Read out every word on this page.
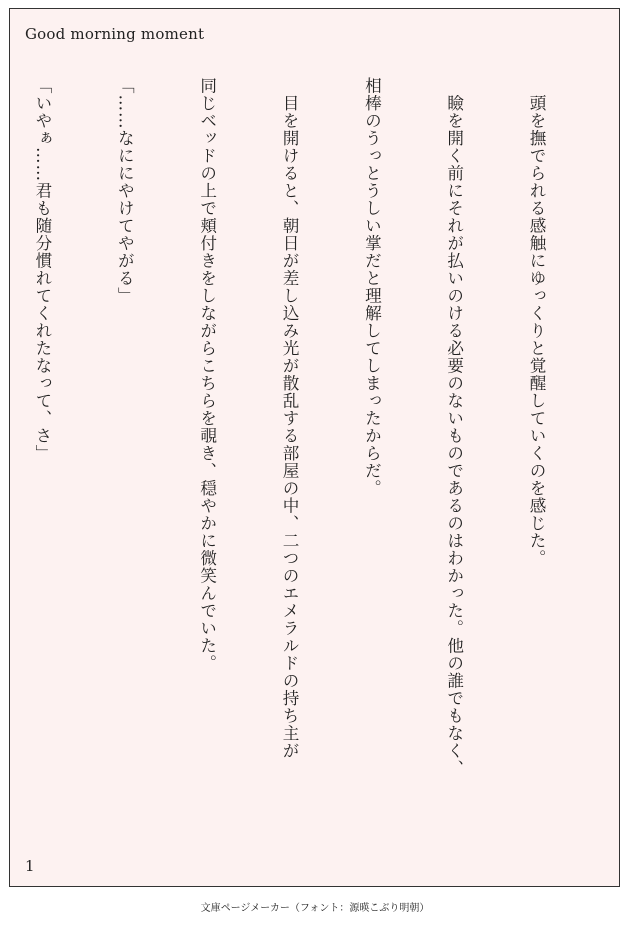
Good morning moment

　頭を撫でられる感触にゆっくりと覚醒していくのを感じた。

　瞼を開く前にそれが払いのける必要のないものであるのはわかった。他の誰でもなく、

相棒のうっとうしい掌だと理解してしまったからだ。

　目を開けると、朝日が差し込み光が散乱する部屋の中、二つのエメラルドの持ち主が

同じベッドの上で頬付きをしながらこちらを覗き、穏やかに微笑んでいた。

「……なににやけてやがる」

「いやぁ……君も随分慣れてくれたなって、さ」

1
文庫ページメーカー（フォント：源暎こぶり明朝）
